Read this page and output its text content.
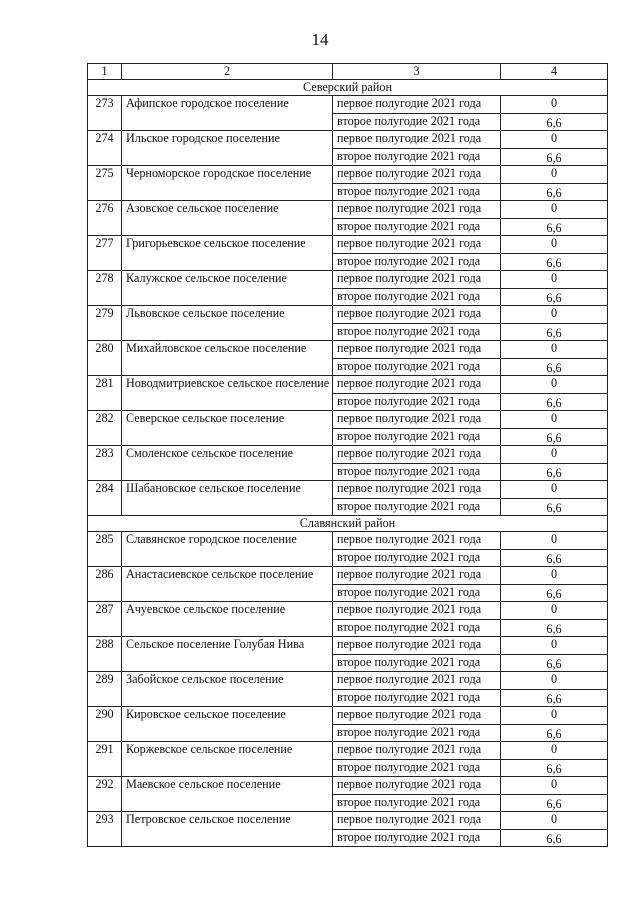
14
1	2	3	4
Северский район			
273	Афипское городское поселение	первое полугодие 2021 года	0
		второе полугодие 2021 года	6,6
274	Ильское городское поселение	первое полугодие 2021 года	0
		второе полугодие 2021 года	6,6
275	Черноморское городское поселение	первое полугодие 2021 года	0
		второе полугодие 2021 года	6,6
276	Азовское сельское поселение	первое полугодие 2021 года	0
		второе полугодие 2021 года	6,6
277	Григорьевское сельское поселение	первое полугодие 2021 года	0
		второе полугодие 2021 года	6,6
278	Калужское сельское поселение	первое полугодие 2021 года	0
		второе полугодие 2021 года	6,6
279	Львовское сельское поселение	первое полугодие 2021 года	0
		второе полугодие 2021 года	6,6
280	Михайловское сельское поселение	первое полугодие 2021 года	0
		второе полугодие 2021 года	6,6
281	Новодмитриевское сельское поселение	первое полугодие 2021 года	0
		второе полугодие 2021 года	6,6
282	Северское сельское поселение	первое полугодие 2021 года	0
		второе полугодие 2021 года	6,6
283	Смоленское сельское поселение	первое полугодие 2021 года	0
		второе полугодие 2021 года	6,6
284	Шабановское сельское поселение	первое полугодие 2021 года	0
		второе полугодие 2021 года	6,6
Славянский район			
285	Славянское городское поселение	первое полугодие 2021 года	0
		второе полугодие 2021 года	6,6
286	Анастасиевское сельское поселение	первое полугодие 2021 года	0
		второе полугодие 2021 года	6,6
287	Ачуевское сельское поселение	первое полугодие 2021 года	0
		второе полугодие 2021 года	6,6
288	Сельское поселение Голубая Нива	первое полугодие 2021 года	0
		второе полугодие 2021 года	6,6
289	Забойское сельское поселение	первое полугодие 2021 года	0
		второе полугодие 2021 года	6,6
290	Кировское сельское поселение	первое полугодие 2021 года	0
		второе полугодие 2021 года	6,6
291	Коржевское сельское поселение	первое полугодие 2021 года	0
		второе полугодие 2021 года	6,6
292	Маевское сельское поселение	первое полугодие 2021 года	0
		второе полугодие 2021 года	6,6
293	Петровское сельское поселение	первое полугодие 2021 года	0
		второе полугодие 2021 года	6,6
